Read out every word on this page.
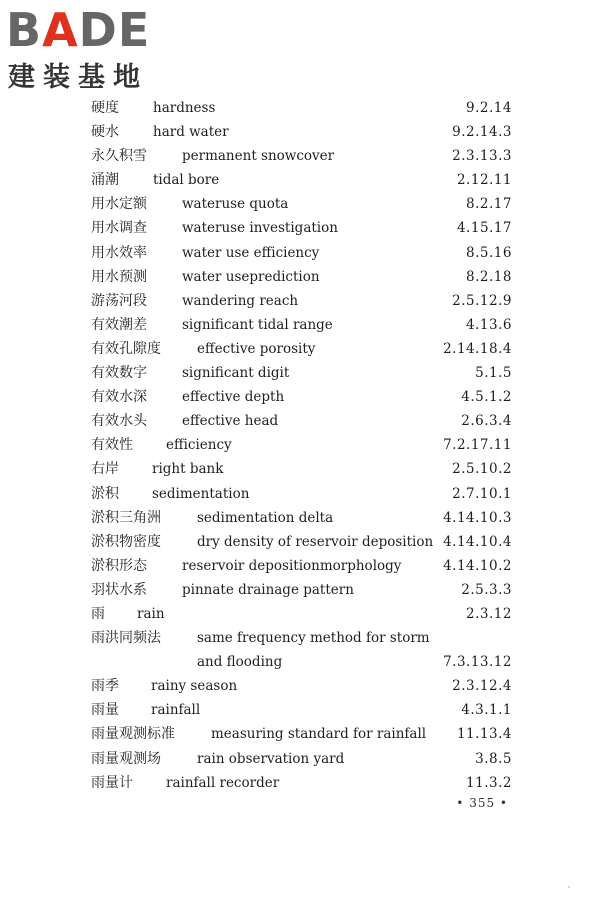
BADE
建装基地
硬度	hardness	9.2.14
硬水	hard water	9.2.14.3
永久积雪	permanent snowcover	2.3.13.3
涌潮	tidal bore	2.12.11
用水定额	wateruse quota	8.2.17
用水调查	wateruse investigation	4.15.17
用水效率	water use efficiency	8.5.16
用水预测	water useprediction	8.2.18
游荡河段	wandering reach	2.5.12.9
有效潮差	significant tidal range	4.13.6
有效孔隙度	effective porosity	2.14.18.4
有效数字	significant digit	5.1.5
有效水深	effective depth	4.5.1.2
有效水头	effective head	2.6.3.4
有效性 efficiency	7.2.17.11
右岸 right bank	2.5.10.2
淤积 sedimentation	2.7.10.1
淤积三角洲	sedimentation delta	4.14.10.3
淤积物密度	dry density of reservoir deposition 4.14.10.4
淤积形态	reservoir depositionmorphology	4.14.10.2
羽状水系	pinnate drainage pattern	2.5.3.3
雨 rain	2.3.12
雨洪同频法	same frequency method for storm
and flooding	7.3.13.12
雨季 rainy season	2.3.12.4
雨量 rainfall	4.3.1.1
雨量观测标准	measuring standard for rainfall 11.13.4
雨量观测场	rain observation yard	3.8.5
雨量计 rainfall recorder	11.3.2
• 355 •
